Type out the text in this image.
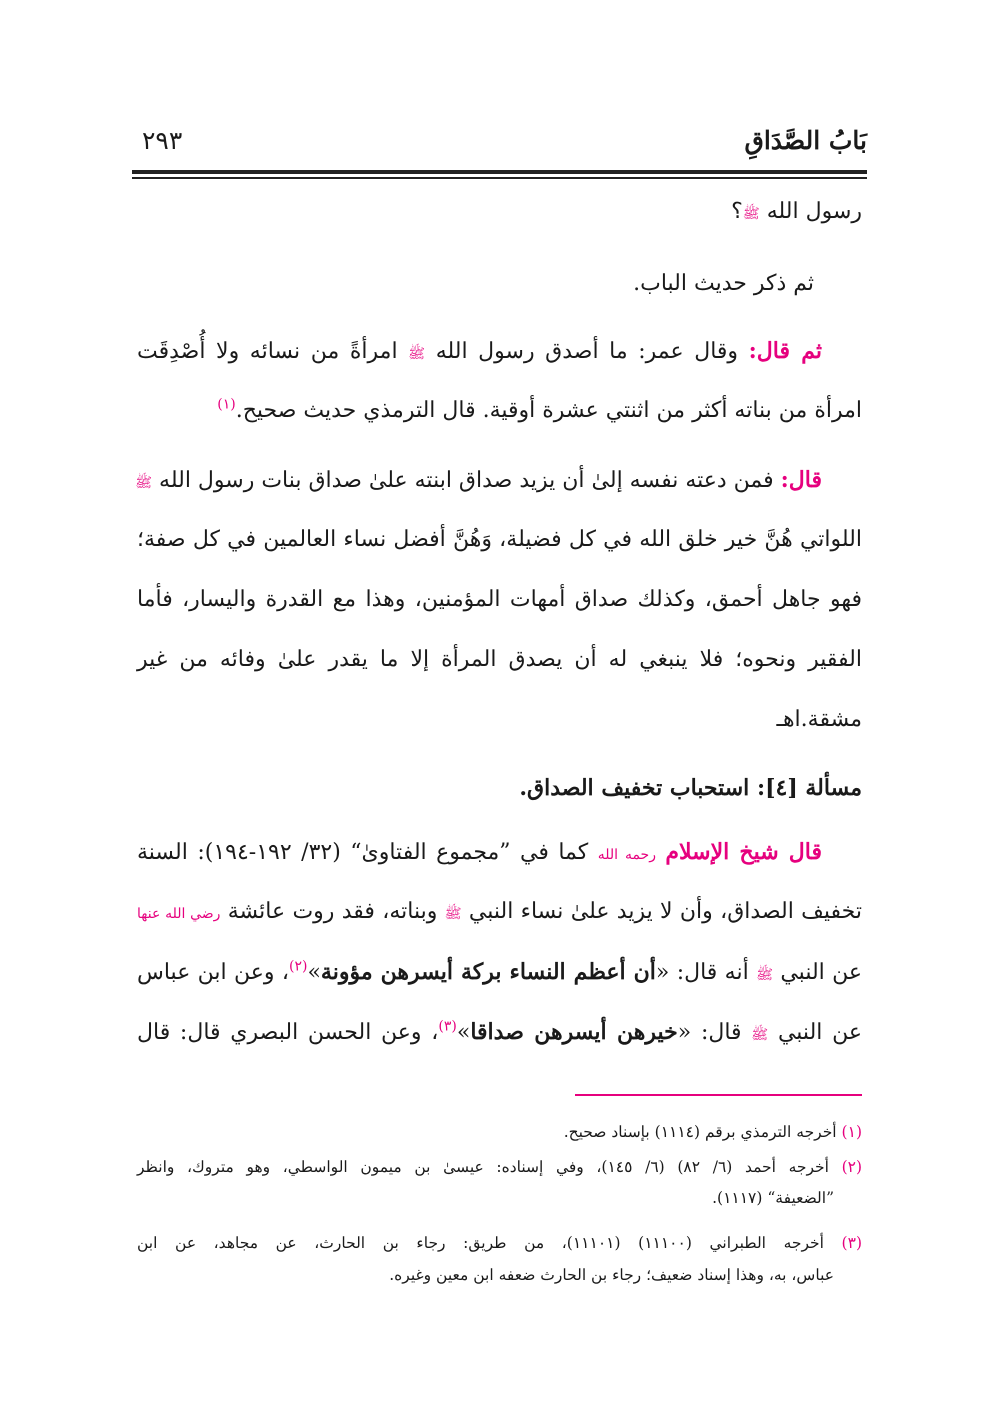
بَابُ الصَّدَاقِ
٢٩٣
رسول الله ﷺ؟
ثم ذكر حديث الباب.
ثم قال: وقال عمر: ما أصدق رسول الله ﷺ امرأةً من نسائه ولا أُصْدِقَت
امرأة من بناته أكثر من اثنتي عشرة أوقية. قال الترمذي حديث صحيح.$^{(١)}$
قال: فمن دعته نفسه إلىٰ أن يزيد صداق ابنته علىٰ صداق بنات رسول الله ﷺ
اللواتي هُنَّ خير خلق الله في كل فضيلة، وَهُنَّ أفضل نساء العالمين في كل صفة؛
فهو جاهل أحمق، وكذلك صداق أمهات المؤمنين، وهذا مع القدرة واليسار، فأما
الفقير ونحوه؛ فلا ينبغي له أن يصدق المرأة إلا ما يقدر علىٰ وفائه من غير
مشقة.اهـ
مسألة [٤]: استحباب تخفيف الصداق.
قال شيخ الإسلام رحمه الله كما في ”مجموع الفتاوىٰ“ (٣٢/ ١٩٢-١٩٤): السنة
تخفيف الصداق، وأن لا يزيد علىٰ نساء النبي ﷺ وبناته، فقد روت عائشة رضي الله عنها
عن النبي ﷺ أنه قال: «أن أعظم النساء بركة أيسرهن مؤونة»$^{(٢)}$، وعن ابن عباس
عن النبي ﷺ قال: «خيرهن أيسرهن صداقا»$^{(٣)}$، وعن الحسن البصري قال: قال
(١) أخرجه الترمذي برقم (١١١٤) بإسناد صحيح.
(٢) أخرجه أحمد (٦/ ٨٢) (٦/ ١٤٥)، وفي إسناده: عيسىٰ بن ميمون الواسطي، وهو متروك، وانظر
”الضعيفة“ (١١١٧).
(٣) أخرجه الطبراني (١١١٠٠) (١١١٠١)، من طريق: رجاء بن الحارث، عن مجاهد، عن ابن
عباس، به، وهذا إسناد ضعيف؛ رجاء بن الحارث ضعفه ابن معين وغيره.
